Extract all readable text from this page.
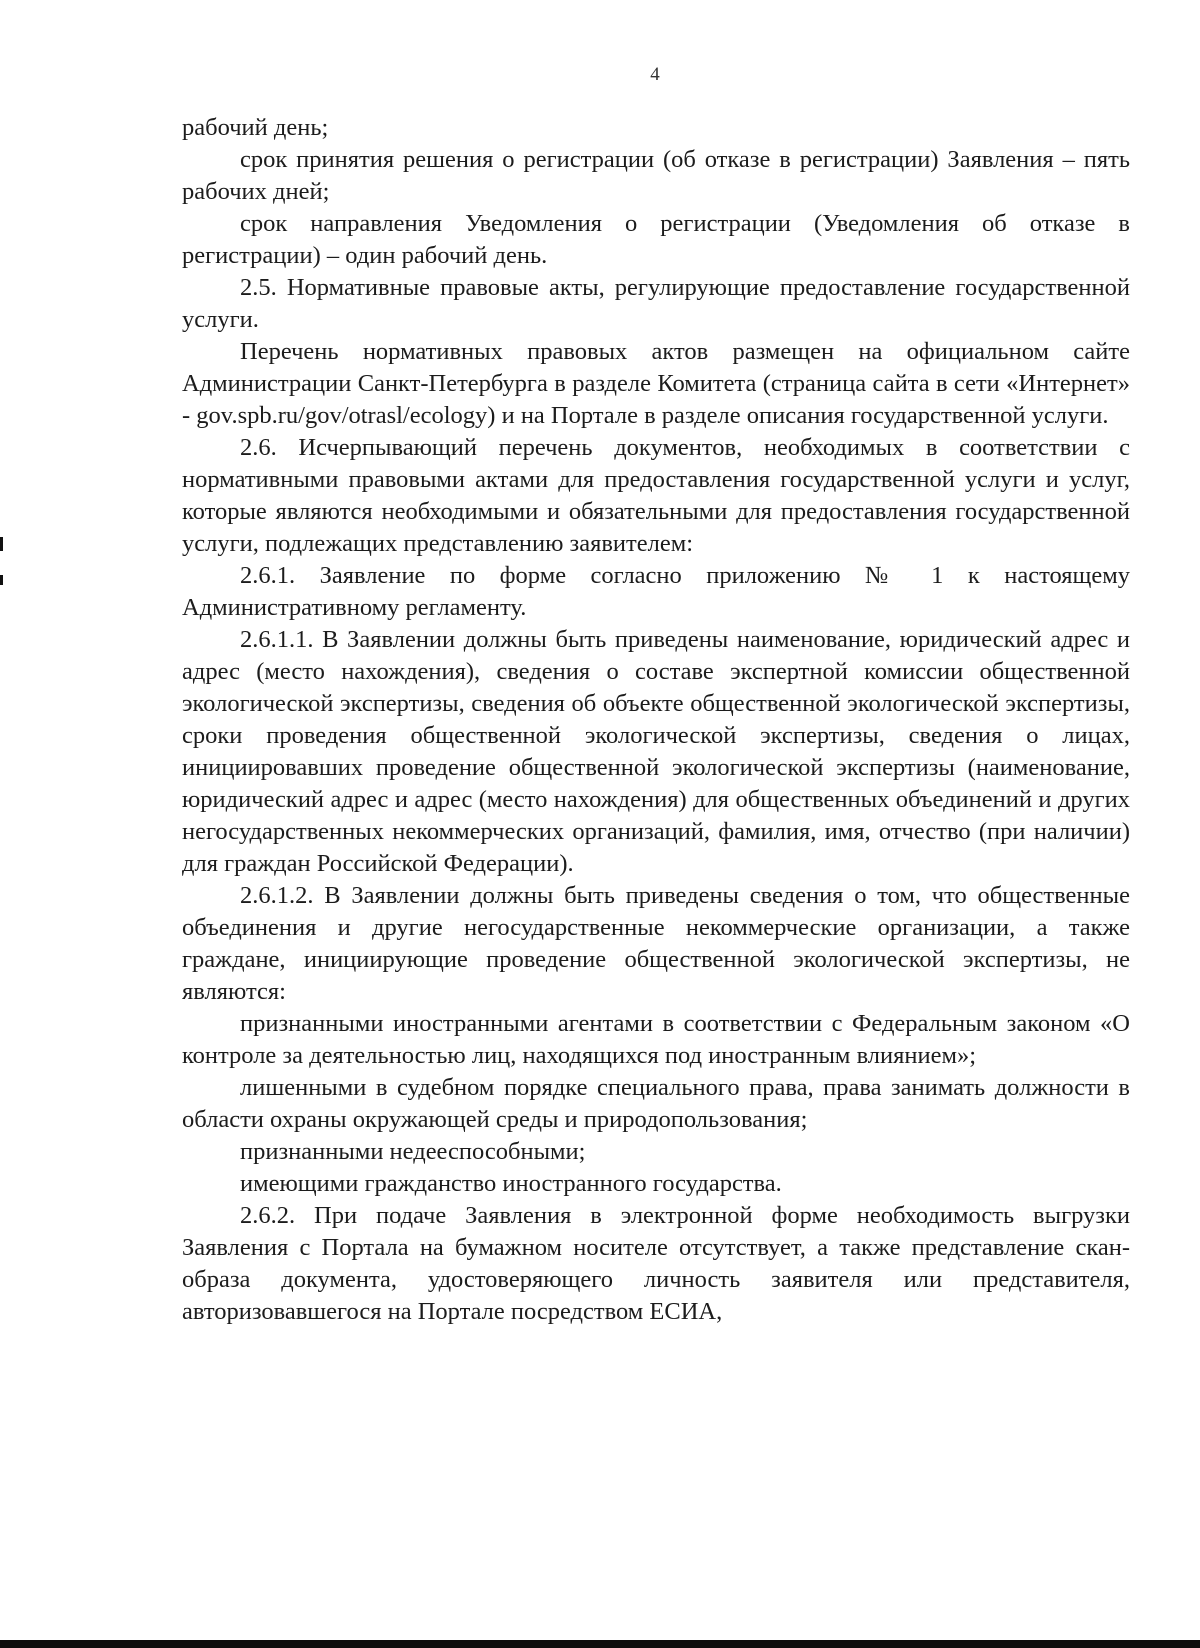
4

рабочий день;

срок принятия решения о регистрации (об отказе в регистрации) Заявления – пять рабочих дней;

срок направления Уведомления о регистрации (Уведомления об отказе в регистрации) – один рабочий день.

2.5. Нормативные правовые акты, регулирующие предоставление государственной услуги.

Перечень нормативных правовых актов размещен на официальном сайте Администрации Санкт-Петербурга в разделе Комитета (страница сайта в сети «Интернет» - gov.spb.ru/gov/otrasl/ecology) и на Портале в разделе описания государственной услуги.

2.6. Исчерпывающий перечень документов, необходимых в соответствии с нормативными правовыми актами для предоставления государственной услуги и услуг, которые являются необходимыми и обязательными для предоставления государственной услуги, подлежащих представлению заявителем:

2.6.1. Заявление по форме согласно приложению № 1 к настоящему Административному регламенту.

2.6.1.1. В Заявлении должны быть приведены наименование, юридический адрес и адрес (место нахождения), сведения о составе экспертной комиссии общественной экологической экспертизы, сведения об объекте общественной экологической экспертизы, сроки проведения общественной экологической экспертизы, сведения о лицах, инициировавших проведение общественной экологической экспертизы (наименование, юридический адрес и адрес (место нахождения) для общественных объединений и других негосударственных некоммерческих организаций, фамилия, имя, отчество (при наличии) для граждан Российской Федерации).

2.6.1.2. В Заявлении должны быть приведены сведения о том, что общественные объединения и другие негосударственные некоммерческие организации, а также граждане, инициирующие проведение общественной экологической экспертизы, не являются:

признанными иностранными агентами в соответствии с Федеральным законом «О контроле за деятельностью лиц, находящихся под иностранным влиянием»;

лишенными в судебном порядке специального права, права занимать должности в области охраны окружающей среды и природопользования;

признанными недееспособными;

имеющими гражданство иностранного государства.

2.6.2. При подаче Заявления в электронной форме необходимость выгрузки Заявления с Портала на бумажном носителе отсутствует, а также представление скан-образа документа, удостоверяющего личность заявителя или представителя, авторизовавшегося на Портале посредством ЕСИА,
